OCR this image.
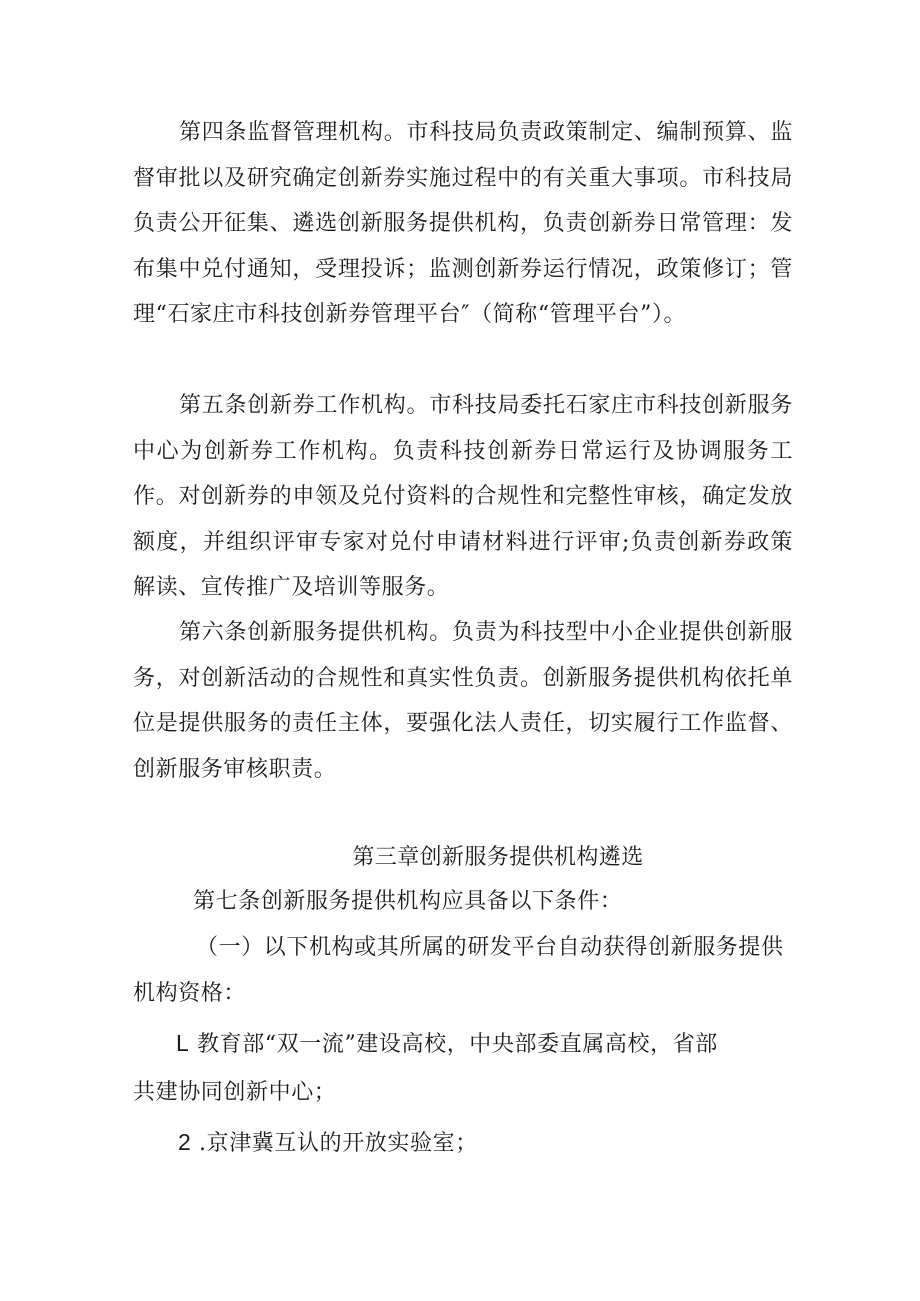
第四条监督管理机构。市科技局负责政策制定、编制预算、监督审批以及研究确定创新券实施过程中的有关重大事项。市科技局负责公开征集、遴选创新服务提供机构，负责创新券日常管理：发布集中兑付通知，受理投诉；监测创新券运行情况，政策修订；管理“石家庄市科技创新券管理平台″（简称“管理平台”）。

第五条创新券工作机构。市科技局委托石家庄市科技创新服务中心为创新券工作机构。负责科技创新券日常运行及协调服务工作。对创新券的申领及兑付资料的合规性和完整性审核，确定发放额度，并组织评审专家对兑付申请材料进行评审;负责创新券政策解读、宣传推广及培训等服务。

第六条创新服务提供机构。负责为科技型中小企业提供创新服务，对创新活动的合规性和真实性负责。创新服务提供机构依托单位是提供服务的责任主体，要强化法人责任，切实履行工作监督、创新服务审核职责。

第三章创新服务提供机构遴选

第七条创新服务提供机构应具备以下条件：

（一）以下机构或其所属的研发平台自动获得创新服务提供

机构资格：

L 教育部“双一流”建设高校，中央部委直属高校，省部

共建协同创新中心；

2 .京津冀互认的开放实验室；
